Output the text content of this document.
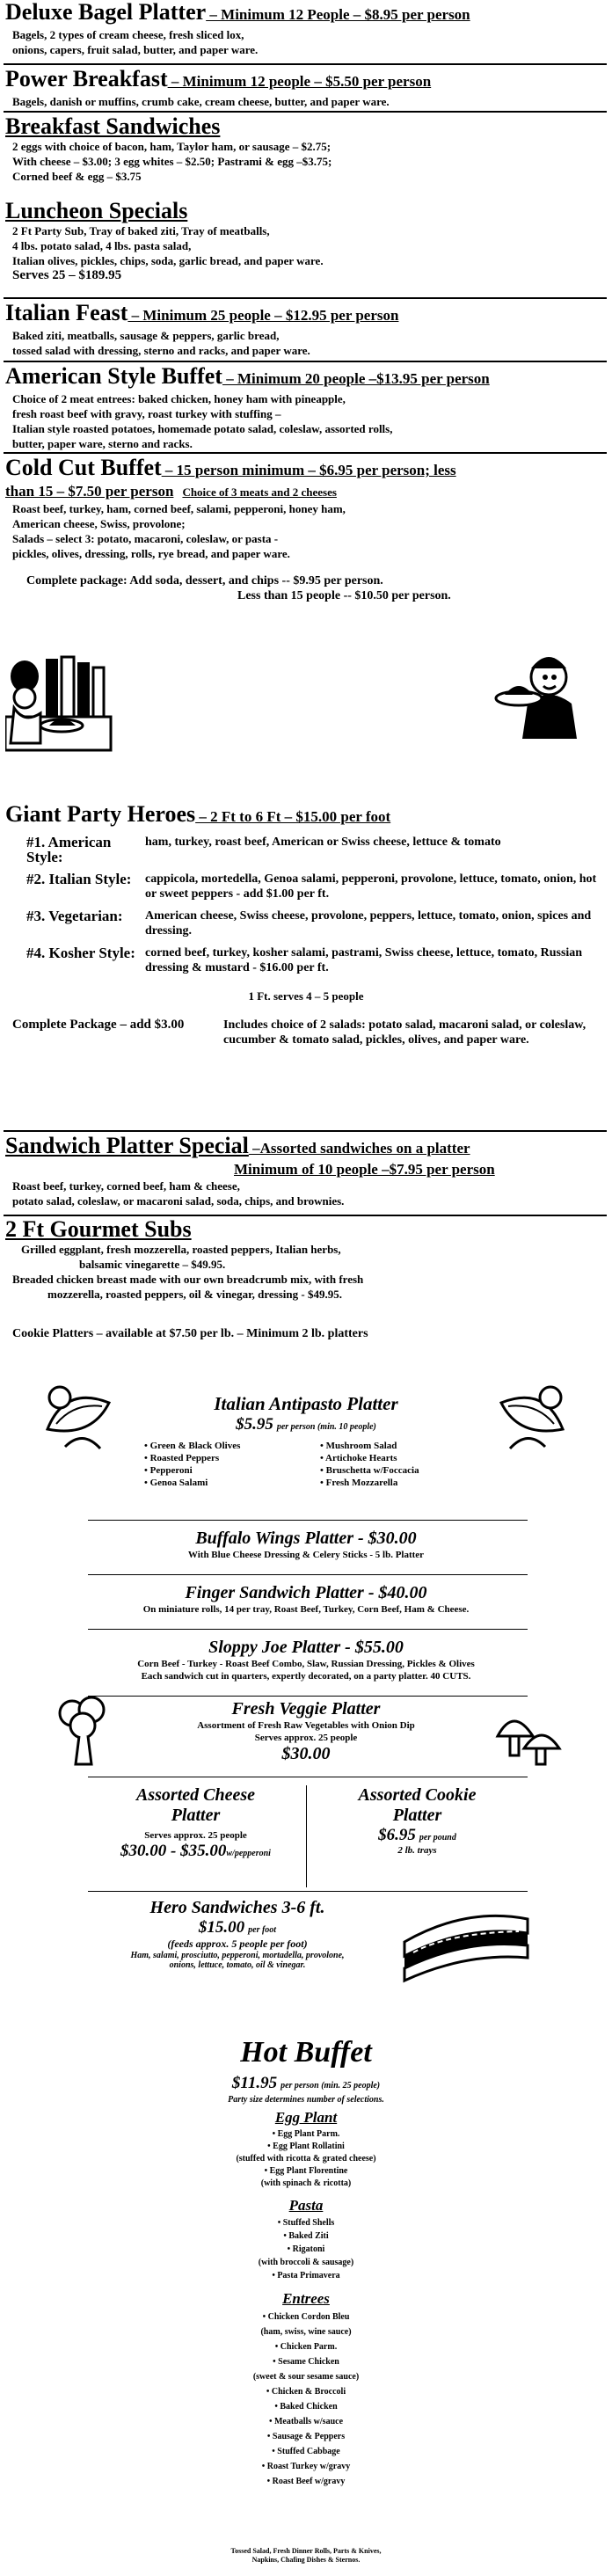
Deluxe Bagel Platter – Minimum 12 People – $8.95 per person
Bagels, 2 types of cream cheese, fresh sliced lox,
onions, capers, fruit salad, butter, and paper ware.
Power Breakfast – Minimum 12 people – $5.50 per person
Bagels, danish or muffins, crumb cake, cream cheese, butter, and paper ware.
Breakfast Sandwiches
2 eggs with choice of bacon, ham, Taylor ham, or sausage – $2.75;
With cheese – $3.00; 3 egg whites – $2.50; Pastrami & egg –$3.75;
Corned beef & egg – $3.75
Luncheon Specials
2 Ft Party Sub, Tray of baked ziti, Tray of meatballs,
4 lbs. potato salad, 4 lbs. pasta salad,
Italian olives, pickles, chips, soda, garlic bread, and paper ware.
Serves 25 – $189.95
Italian Feast – Minimum 25 people – $12.95 per person
Baked ziti, meatballs, sausage & peppers, garlic bread,
tossed salad with dressing, sterno and racks, and paper ware.
American Style Buffet – Minimum 20 people –$13.95 per person
Choice of 2 meat entrees: baked chicken, honey ham with pineapple,
fresh roast beef with gravy, roast turkey with stuffing –
Italian style roasted potatoes, homemade potato salad, coleslaw, assorted rolls,
butter, paper ware, sterno and racks.
Cold Cut Buffet – 15 person minimum – $6.95 per person; less
than 15 – $7.50 per person Choice of 3 meats and 2 cheeses
Roast beef, turkey, ham, corned beef, salami, pepperoni, honey ham,
American cheese, Swiss, provolone;
Salads – select 3: potato, macaroni, coleslaw, or pasta -
pickles, olives, dressing, rolls, rye bread, and paper ware.
Complete package: Add soda, dessert, and chips -- $9.95 per person.
Less than 15 people -- $10.50 per person.
Giant Party Heroes – 2 Ft to 6 Ft – $15.00 per foot
#1. American Style:
ham, turkey, roast beef, American or Swiss cheese, lettuce & tomato
#2. Italian Style:	cappicola, mortedella, Genoa salami, pepperoni, provolone, lettuce, tomato, onion, hot or sweet peppers - add $1.00 per ft.
#3. Vegetarian:	American cheese, Swiss cheese, provolone, peppers, lettuce, tomato, onion, spices and dressing.
#4. Kosher Style: corned beef, turkey, kosher salami, pastrami, Swiss cheese, lettuce, tomato, Russian dressing & mustard - $16.00 per ft.
1 Ft. serves 4 – 5 people
Complete Package – add $3.00	Includes choice of 2 salads: potato salad, macaroni salad, or coleslaw, cucumber & tomato salad, pickles, olives, and paper ware.
Sandwich Platter Special –Assorted sandwiches on a platter
Minimum of 10 people –$7.95 per person
Roast beef, turkey, corned beef, ham & cheese,
potato salad, coleslaw, or macaroni salad, soda, chips, and brownies.
2 Ft Gourmet Subs
Grilled eggplant, fresh mozzerella, roasted peppers, Italian herbs,
balsamic vinegarette – $49.95.
Breaded chicken breast made with our own breadcrumb mix, with fresh
mozzerella, roasted peppers, oil & vinegar, dressing - $49.95.
Cookie Platters – available at $7.50 per lb. – Minimum 2 lb. platters
Italian Antipasto Platter
$5.95 per person (min. 10 people)
• Green & Black Olives
• Roasted Peppers
• Pepperoni
• Genoa Salami
• Mushroom Salad
• Artichoke Hearts
• Bruschetta w/Foccacia
• Fresh Mozzarella
Buffalo Wings Platter - $30.00
With Blue Cheese Dressing & Celery Sticks - 5 lb. Platter
Finger Sandwich Platter - $40.00
On miniature rolls, 14 per tray, Roast Beef, Turkey, Corn Beef, Ham & Cheese.
Sloppy Joe Platter - $55.00
Corn Beef - Turkey - Roast Beef Combo, Slaw, Russian Dressing, Pickles & Olives
Each sandwich cut in quarters, expertly decorated, on a party platter. 40 CUTS.
Fresh Veggie Platter
Assortment of Fresh Raw Vegetables with Onion Dip
Serves approx. 25 people
$30.00
Assorted Cheese
Platter
Serves approx. 25 people
$30.00 - $35.00w/pepperoni
Assorted Cookie
Platter
$6.95 per pound
2 lb. trays
Hero Sandwiches 3-6 ft.
$15.00 per foot
(feeds approx. 5 people per foot)
Ham, salami, prosciutto, pepperoni, mortadella, provolone,
onions, lettuce, tomato, oil & vinegar.
Hot Buffet
$11.95 per person (min. 25 people)
Party size determines number of selections.
Egg Plant
• Egg Plant Parm.
• Egg Plant Rollatini
(stuffed with ricotta & grated cheese)
• Egg Plant Florentine
(with spinach & ricotta)
Pasta
• Stuffed Shells
• Baked Ziti
• Rigatoni
(with broccoli & sausage)
• Pasta Primavera
Entrees
• Chicken Cordon Bleu
(ham, swiss, wine sauce)
• Chicken Parm.
• Sesame Chicken
(sweet & sour sesame sauce)
• Chicken & Broccoli
• Baked Chicken
• Meatballs w/sauce
• Sausage & Peppers
• Stuffed Cabbage
• Roast Turkey w/gravy
• Roast Beef w/gravy
Tossed Salad, Fresh Dinner Rolls, Parts & Knives,
Napkins, Chafing Dishes & Sternos.
